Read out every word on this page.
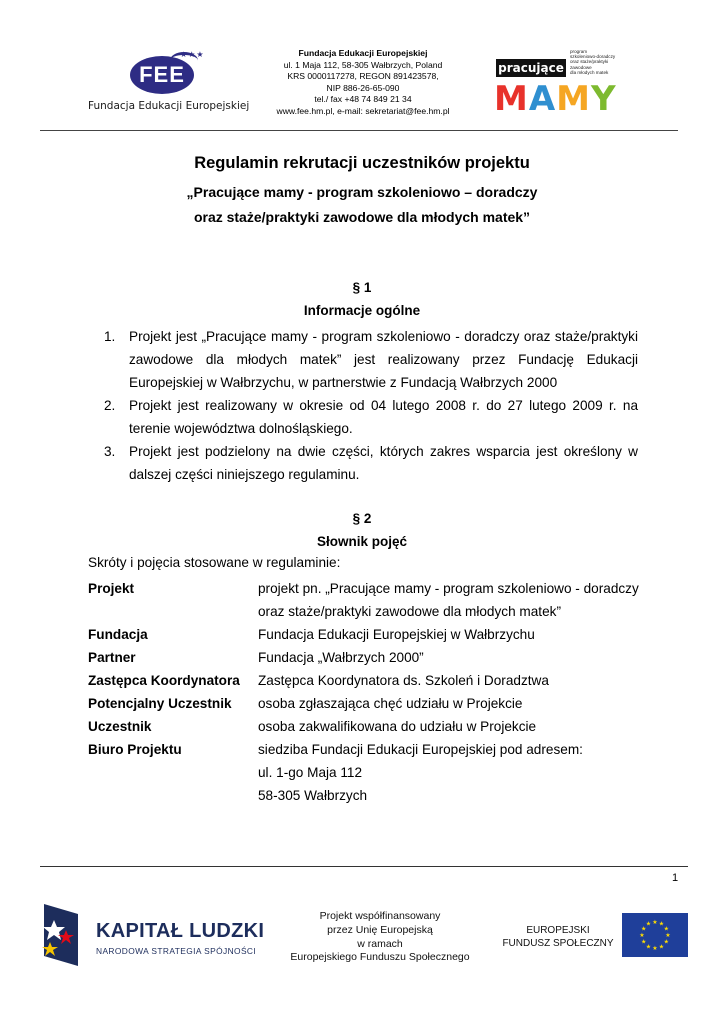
FEE
★★★
Fundacja Edukacji Europejskiej
Fundacja Edukacji Europejskiej
ul. 1 Maja 112, 58-305 Wałbrzych, Poland
KRS 0000117278, REGON 891423578,
NIP 886-26-65-090
tel./ fax +48 74 849 21 34
www.fee.hm.pl, e-mail: sekretariat@fee.hm.pl
pracujące
program
szkoleniowo-doradczy
oraz staże/praktyki
zawodowe
dla młodych matek
MAMY
Regulamin rekrutacji uczestników projektu
„Pracujące mamy - program szkoleniowo – doradczy
oraz staże/praktyki zawodowe dla młodych matek”
§ 1
Informacje ogólne
1. Projekt jest „Pracujące mamy - program szkoleniowo - doradczy oraz staże/praktyki zawodowe dla młodych matek” jest realizowany przez Fundację Edukacji Europejskiej w Wałbrzychu, w partnerstwie z Fundacją Wałbrzych 2000
2. Projekt jest realizowany w okresie od 04 lutego 2008 r. do 27 lutego 2009 r. na terenie województwa dolnośląskiego.
3. Projekt jest podzielony na dwie części, których zakres wsparcia jest określony w dalszej części niniejszego regulaminu.
§ 2
Słownik pojęć
Skróty i pojęcia stosowane w regulaminie:
Projekt	projekt pn. „Pracujące mamy - program szkoleniowo - doradczy
oraz staże/praktyki zawodowe dla młodych matek”

Fundacja	Fundacja Edukacji Europejskiej w Wałbrzychu

Partner	Fundacja „Wałbrzych 2000”

Zastępca Koordynatora	Zastępca Koordynatora ds. Szkoleń i Doradztwa

Potencjalny Uczestnik	osoba zgłaszająca chęć udziału w Projekcie

Uczestnik	osoba zakwalifikowana do udziału w Projekcie

Biuro Projektu	siedziba Fundacji Edukacji Europejskiej pod adresem:
ul. 1-go Maja 112
58-305 Wałbrzych
1
KAPITAŁ LUDZKI
NARODOWA STRATEGIA SPÓJNOŚCI
Projekt współfinansowany
przez Unię Europejską
w ramach
Europejskiego Funduszu Społecznego
EUROPEJSKI
FUNDUSZ SPOŁECZNY
★ ★
★
★
★
★
★
★
★
★
★
★
